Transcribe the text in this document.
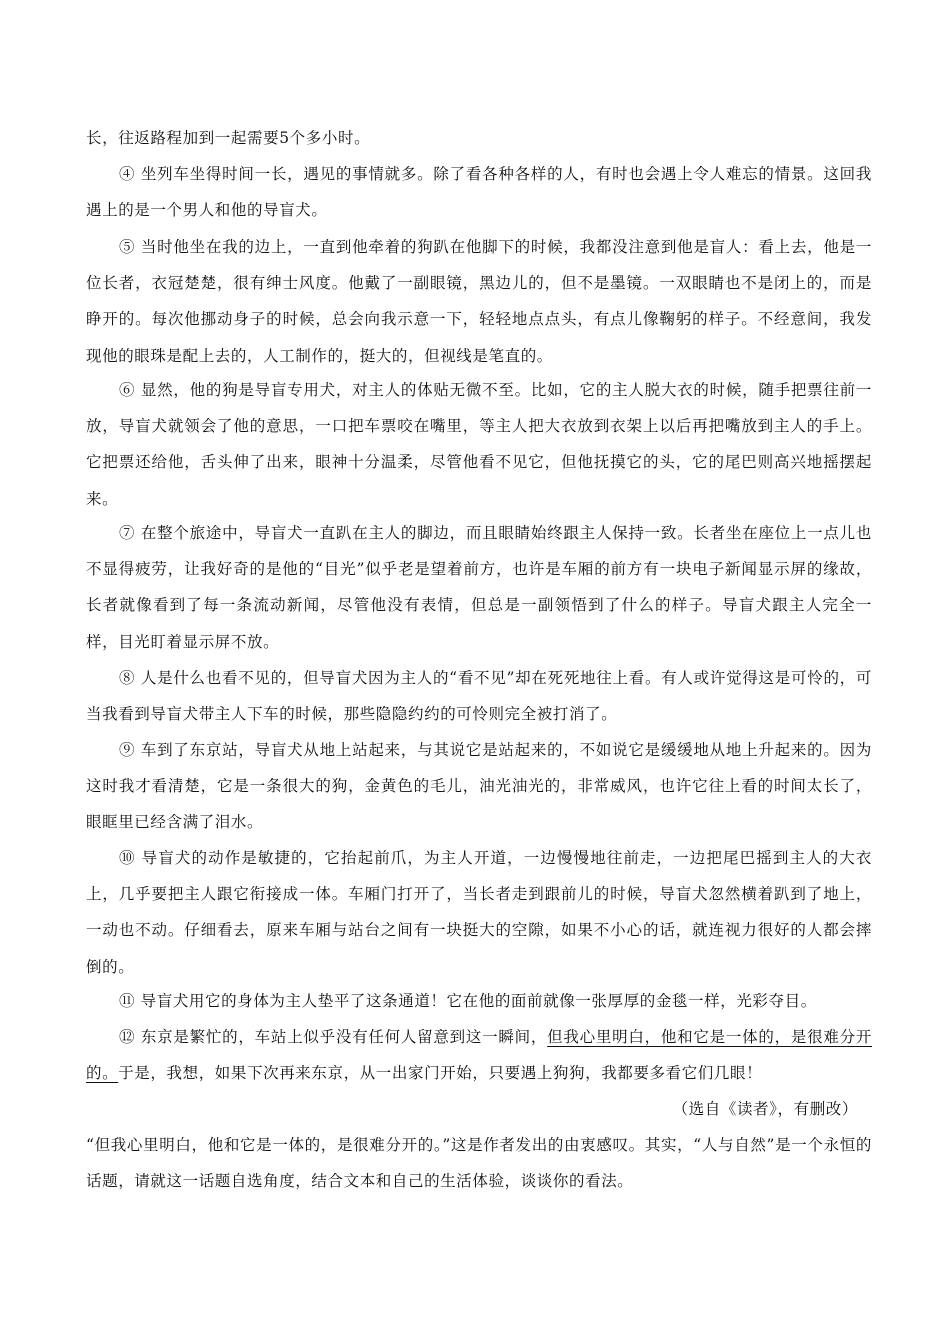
长，往返路程加到一起需要5个多小时。

④ 坐列车坐得时间一长，遇见的事情就多。除了看各种各样的人，有时也会遇上令人难忘的情景。这回我遇上的是一个男人和他的导盲犬。

⑤ 当时他坐在我的边上，一直到他牵着的狗趴在他脚下的时候，我都没注意到他是盲人：看上去，他是一位长者，衣冠楚楚，很有绅士风度。他戴了一副眼镜，黑边儿的，但不是墨镜。一双眼睛也不是闭上的，而是睁开的。每次他挪动身子的时候，总会向我示意一下，轻轻地点点头，有点儿像鞠躬的样子。不经意间，我发现他的眼珠是配上去的，人工制作的，挺大的，但视线是笔直的。

⑥ 显然，他的狗是导盲专用犬，对主人的体贴无微不至。比如，它的主人脱大衣的时候，随手把票往前一放，导盲犬就领会了他的意思，一口把车票咬在嘴里，等主人把大衣放到衣架上以后再把嘴放到主人的手上。它把票还给他，舌头伸了出来，眼神十分温柔，尽管他看不见它，但他抚摸它的头，它的尾巴则高兴地摇摆起来。

⑦ 在整个旅途中，导盲犬一直趴在主人的脚边，而且眼睛始终跟主人保持一致。长者坐在座位上一点儿也不显得疲劳，让我好奇的是他的“目光”似乎老是望着前方，也许是车厢的前方有一块电子新闻显示屏的缘故，长者就像看到了每一条流动新闻，尽管他没有表情，但总是一副领悟到了什么的样子。导盲犬跟主人完全一样，目光盯着显示屏不放。

⑧ 人是什么也看不见的，但导盲犬因为主人的“看不见”却在死死地往上看。有人或许觉得这是可怜的，可当我看到导盲犬带主人下车的时候，那些隐隐约约的可怜则完全被打消了。

⑨ 车到了东京站，导盲犬从地上站起来，与其说它是站起来的，不如说它是缓缓地从地上升起来的。因为这时我才看清楚，它是一条很大的狗，金黄色的毛儿，油光油光的，非常威风，也许它往上看的时间太长了，眼眶里已经含满了泪水。

⑩ 导盲犬的动作是敏捷的，它抬起前爪，为主人开道，一边慢慢地往前走，一边把尾巴摇到主人的大衣上，几乎要把主人跟它衔接成一体。车厢门打开了，当长者走到跟前儿的时候，导盲犬忽然横着趴到了地上，一动也不动。仔细看去，原来车厢与站台之间有一块挺大的空隙，如果不小心的话，就连视力很好的人都会摔倒的。

⑪ 导盲犬用它的身体为主人垫平了这条通道！它在他的面前就像一张厚厚的金毯一样，光彩夺目。

⑫ 东京是繁忙的，车站上似乎没有任何人留意到这一瞬间，但我心里明白，他和它是一体的，是很难分开的。于是，我想，如果下次再来东京，从一出家门开始，只要遇上狗狗，我都要多看它们几眼！

（选自《读者》，有删改）

“但我心里明白，他和它是一体的，是很难分开的。”这是作者发出的由衷感叹。其实，“人与自然”是一个永恒的话题，请就这一话题自选角度，结合文本和自己的生活体验，谈谈你的看法。
